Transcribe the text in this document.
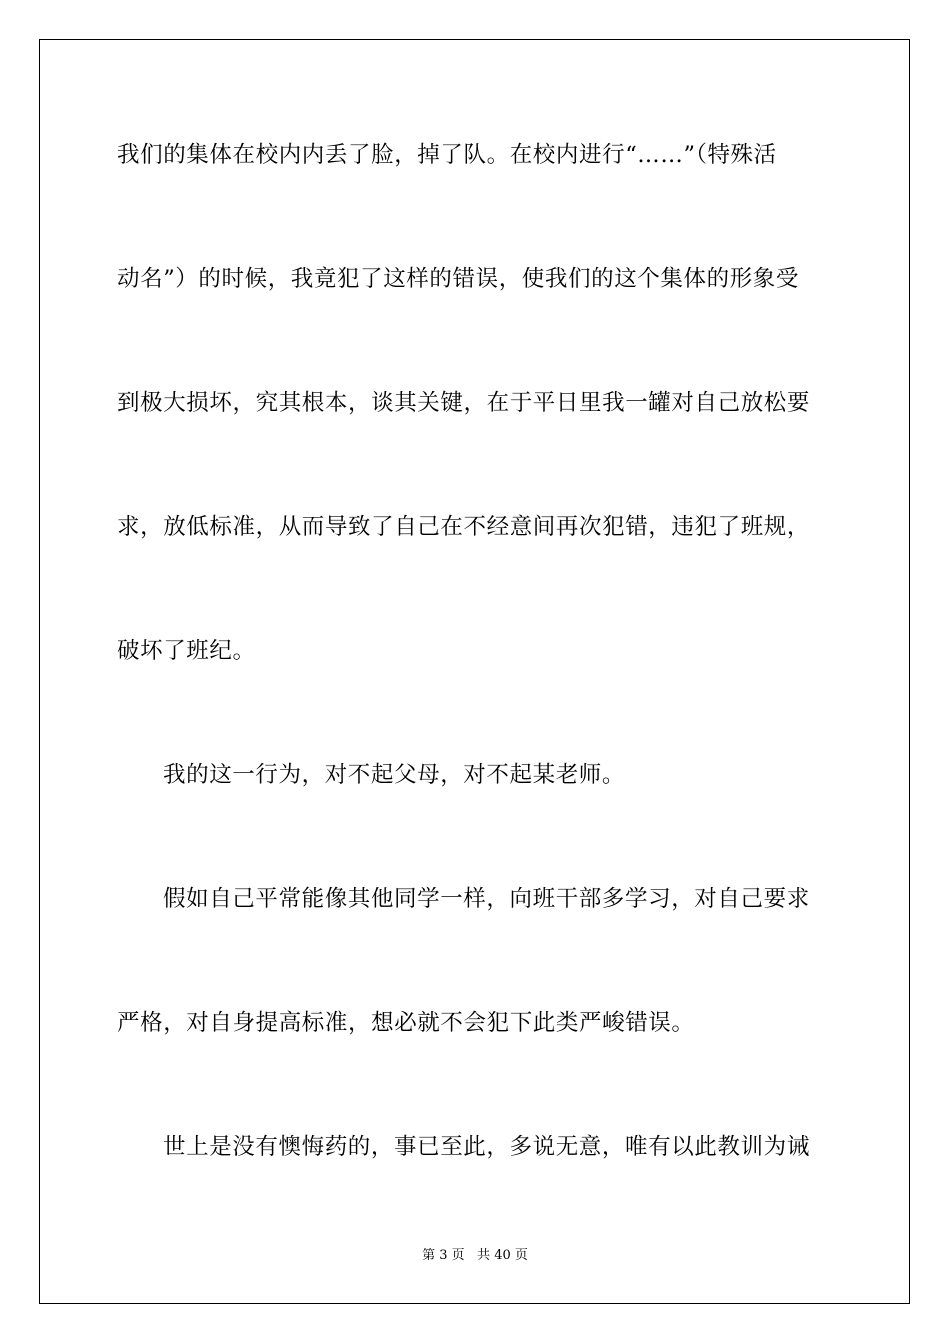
我们的集体在校内内丢了脸，掉了队。在校内进行“……”（特殊活
动名”）的时候，我竟犯了这样的错误，使我们的这个集体的形象受
到极大损坏，究其根本，谈其关键，在于平日里我一罐对自己放松要
求，放低标准，从而导致了自己在不经意间再次犯错，违犯了班规，
破坏了班纪。
我的这一行为，对不起父母，对不起某老师。
假如自己平常能像其他同学一样，向班干部多学习，对自己要求
严格，对自身提高标准，想必就不会犯下此类严峻错误。
世上是没有懊悔药的，事已至此，多说无意，唯有以此教训为诫
第 3 页   共 40 页
